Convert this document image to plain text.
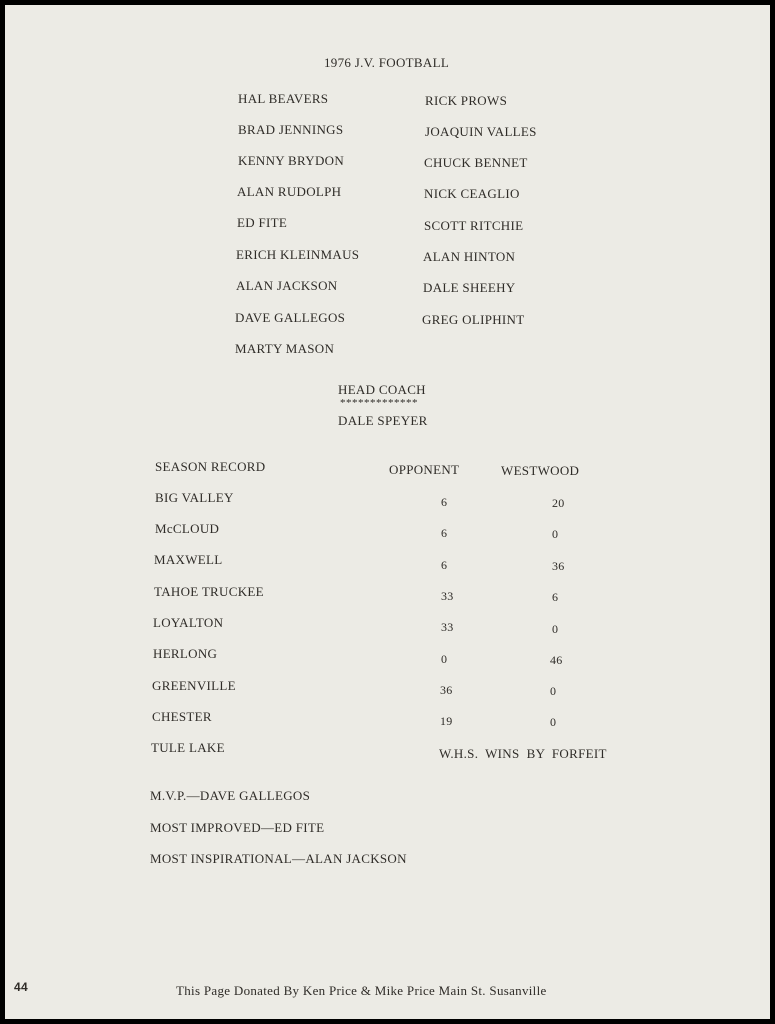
1976 J.V. FOOTBALL
HAL BEAVERS
BRAD JENNINGS
KENNY BRYDON
ALAN RUDOLPH
ED FITE
ERICH KLEINMAUS
ALAN JACKSON
DAVE GALLEGOS
MARTY MASON
RICK PROWS
JOAQUIN VALLES
CHUCK BENNET
NICK CEAGLIO
SCOTT RITCHIE
ALAN HINTON
DALE SHEEHY
GREG OLIPHINT
HEAD COACH
*************
DALE SPEYER
SEASON RECORD	OPPONENT	WESTWOOD
BIG VALLEY	6	20
McCLOUD	6	0
MAXWELL	6	36
TAHOE TRUCKEE	33	6
LOYALTON	33	0
HERLONG	0	46
GREENVILLE	36	0
CHESTER	19	0
TULE LAKE	W.H.S.  WINS  BY  FORFEIT
M.V.P.—DAVE GALLEGOS
MOST IMPROVED—ED FITE
MOST INSPIRATIONAL—ALAN JACKSON
44	This Page Donated By Ken Price & Mike Price Main St. Susanville
